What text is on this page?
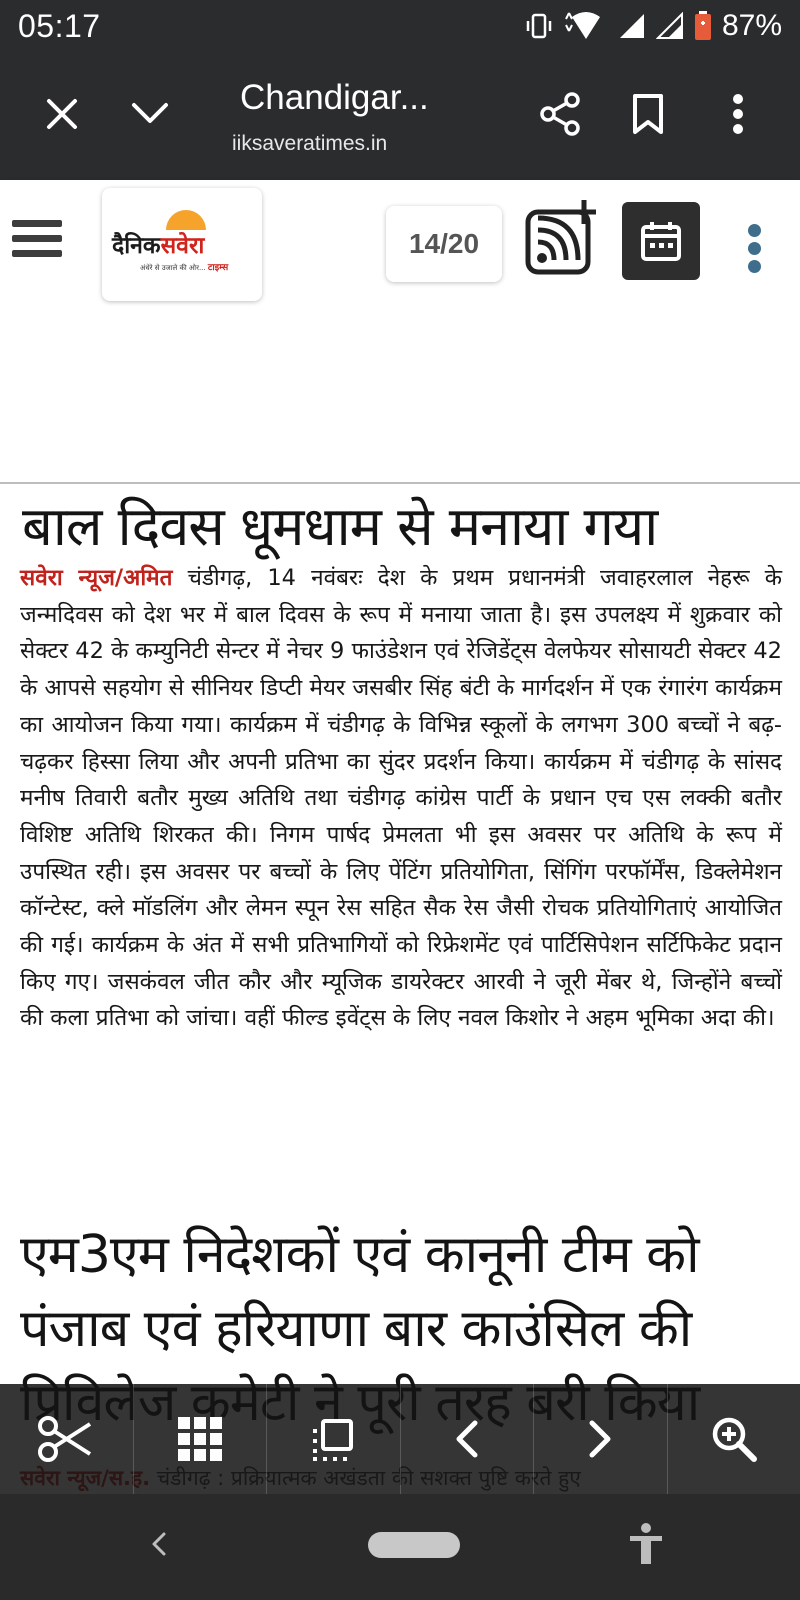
05:17	87%
Chandigar...
iiksaveratimes.in
दैनिकसवेरा
अंधेरे से उजाले की ओर... टाइम्स
14/20
बाल दिवस धूमधाम से मनाया गया
सवेरा न्यूज/अमित चंडीगढ़, 14 नवंबरः देश के प्रथम प्रधानमंत्री जवाहरलाल नेहरू के जन्मदिवस को देश भर में बाल दिवस के रूप में मनाया जाता है। इस उपलक्ष्य में शुक्रवार को सेक्टर 42 के कम्युनिटी सेन्टर में नेचर 9 फाउंडेशन एवं रेजिडेंट्स वेलफेयर सोसायटी सेक्टर 42 के आपसे सहयोग से सीनियर डिप्टी मेयर जसबीर सिंह बंटी के मार्गदर्शन में एक रंगारंग कार्यक्रम का आयोजन किया गया। कार्यक्रम में चंडीगढ़ के विभिन्न स्कूलों के लगभग 300 बच्चों ने बढ़-चढ़कर हिस्सा लिया और अपनी प्रतिभा का सुंदर प्रदर्शन किया। कार्यक्रम में चंडीगढ़ के सांसद मनीष तिवारी बतौर मुख्य अतिथि तथा चंडीगढ़ कांग्रेस पार्टी के प्रधान एच एस लक्की बतौर विशिष्ट अतिथि शिरकत की। निगम पार्षद प्रेमलता भी इस अवसर पर अतिथि के रूप में उपस्थित रही। इस अवसर पर बच्चों के लिए पेंटिंग प्रतियोगिता, सिंगिंग परफॉर्मेंस, डिक्लेमेशन कॉन्टेस्ट, क्ले मॉडलिंग और लेमन स्पून रेस सहित सैक रेस जैसी रोचक प्रतियोगिताएं आयोजित की गई। कार्यक्रम के अंत में सभी प्रतिभागियों को रिफ्रेशमेंट एवं पार्टिसिपेशन सर्टिफिकेट प्रदान किए गए। जसकंवल जीत कौर और म्यूजिक डायरेक्टर आरवी ने जूरी मेंबर थे, जिन्होंने बच्चों की कला प्रतिभा को जांचा। वहीं फील्ड इवेंट्स के लिए नवल किशोर ने अहम भूमिका अदा की।
एम3एम निदेशकों एवं कानूनी टीम को पंजाब एवं हरियाणा बार काउंसिल की
